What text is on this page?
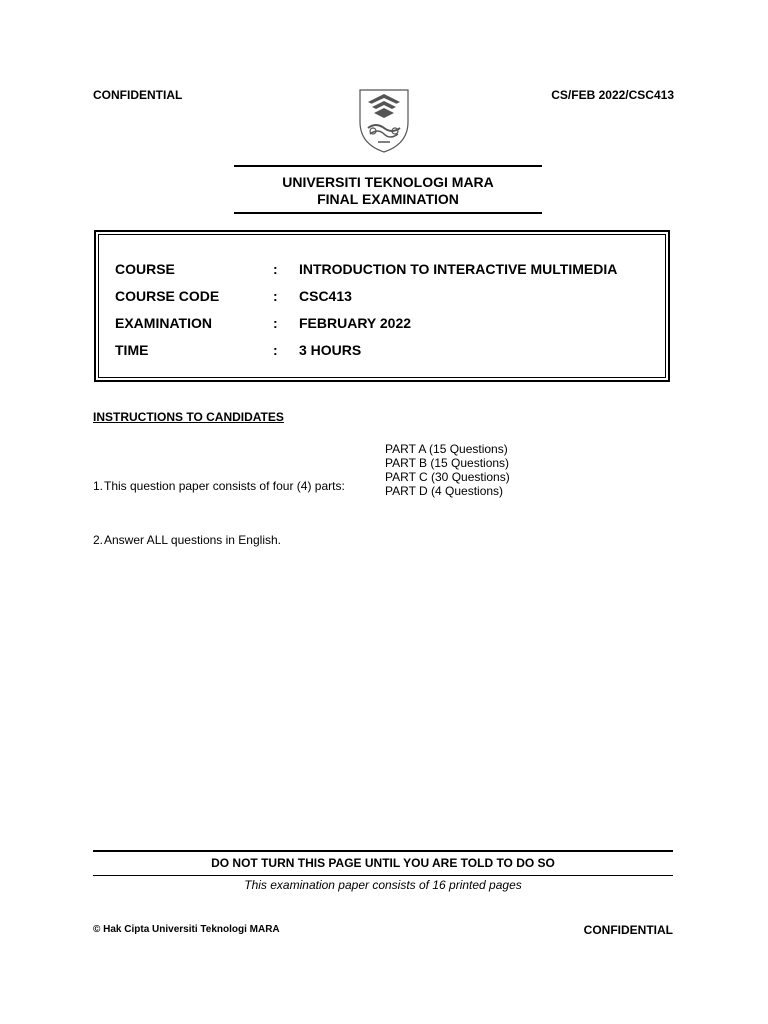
CONFIDENTIAL	CS/FEB 2022/CSC413
UNIVERSITI TEKNOLOGI MARA
FINAL EXAMINATION
COURSE	: INTRODUCTION TO INTERACTIVE MULTIMEDIA
COURSE CODE	: CSC413
EXAMINATION	: FEBRUARY 2022
TIME	: 3 HOURS
INSTRUCTIONS TO CANDIDATES
PART A (15 Questions)
PART B (15 Questions)
PART C (30 Questions)
PART D (4 Questions)
1.This question paper consists of four (4) parts:
2.Answer ALL questions in English.
DO NOT TURN THIS PAGE UNTIL YOU ARE TOLD TO DO SO
This examination paper consists of 16 printed pages
© Hak Cipta Universiti Teknologi MARA	CONFIDENTIAL
